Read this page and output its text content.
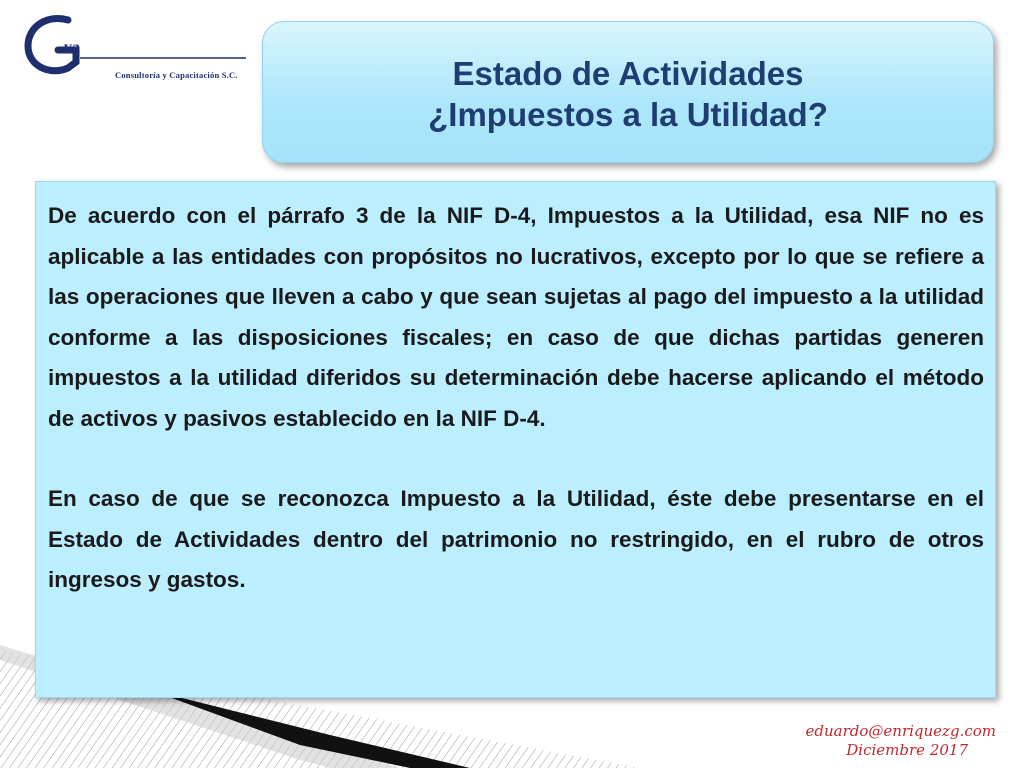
va
Consultoría y Capacitación S.C.	Estado de Actividades
¿Impuestos a la Utilidad?

De acuerdo con el párrafo 3 de la NIF D-4, Impuestos a la Utilidad, esa NIF no es aplicable a las entidades con propósitos no lucrativos, excepto por lo que se refiere a las operaciones que lleven a cabo y que sean sujetas al pago del impuesto a la utilidad conforme a las disposiciones fiscales; en caso de que dichas partidas generen impuestos a la utilidad diferidos su determinación debe hacerse aplicando el método de activos y pasivos establecido en la NIF D-4.

En caso de que se reconozca Impuesto a la Utilidad, éste debe presentarse en el Estado de Actividades dentro del patrimonio no restringido, en el rubro de otros ingresos y gastos.

eduardo@enriquezg.com
Diciembre 2017
